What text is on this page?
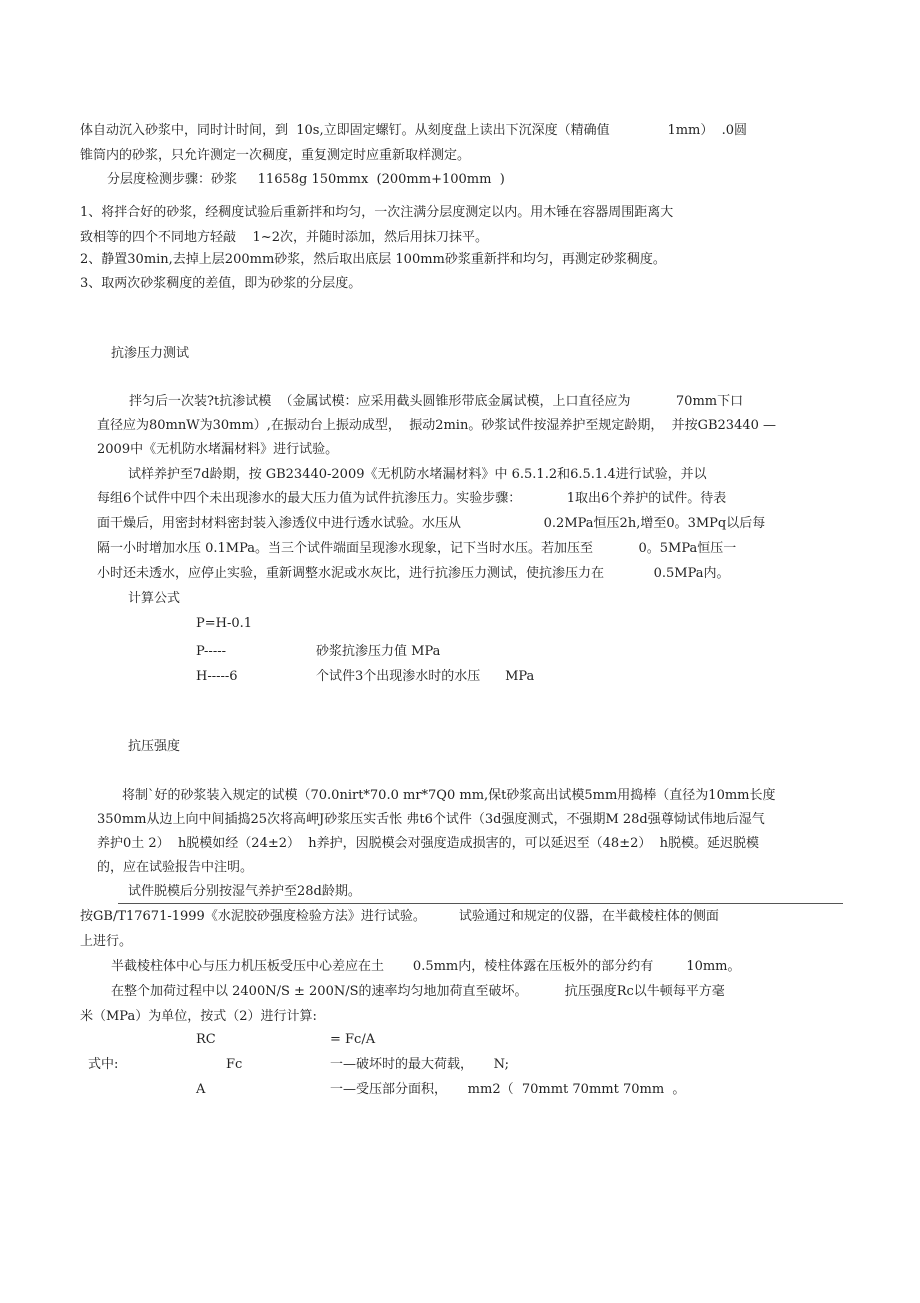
体自动沉入砂浆中，同时计时间，到  10s,立即固定螺钉。从刻度盘上读出下沉深度（精确值              1mm）  .0圆
锥筒内的砂浆，只允许测定一次稠度，重复测定时应重新取样测定。
分层度检测步骤：砂浆     11658g 150mmx  (200mm+100mm  )
1、将拌合好的砂浆，经稠度试验后重新拌和均匀，一次注满分层度测定以内。用木锤在容器周围距离大
致相等的四个不同地方轻敲    1~2次，并随时添加，然后用抹刀抹平。
2、静置30min,去掉上层200mm砂浆，然后取出底层 100mm砂浆重新拌和均匀，再测定砂浆稠度。
3、取两次砂浆稠度的差值，即为砂浆的分层度。
抗渗压力测试
拌匀后一次装?t抗渗试模  （金属试模：应采用截头圆锥形带底金属试模，上口直径应为           70mm下口
直径应为80mnW为30mm）,在振动台上振动成型，  振动2min。砂浆试件按湿养护至规定龄期，  并按GB23440 —
2009中《无机防水堵漏材料》进行试验。
试样养护至7d龄期，按 GB23440-2009《无机防水堵漏材料》中 6.5.1.2和6.5.1.4进行试验，并以
每组6个试件中四个未出现渗水的最大压力值为试件抗渗压力。实验步骤：           1取出6个养护的试件。待表
面干燥后，用密封材料密封装入渗透仪中进行透水试验。水压从                    0.2MPa恒压2h,增至0。3MPq以后每
隔一小时增加水压 0.1MPa。当三个试件端面呈现渗水现象，记下当时水压。若加压至           0。5MPa恒压一
小时还未透水，应停止实验，重新调整水泥或水灰比，进行抗渗压力测试，使抗渗压力在            0.5MPa内。
计算公式
P=H-0.1
P-----	砂浆抗渗压力值 MPa
H-----6	个试件3个出现渗水时的水压      MPa
抗压强度
将制`好的砂浆装入规定的试模（70.0nirt*70.0 mr*7Q0 mm,保t砂浆高出试模5mm用捣棒（直径为10mm长度
350mm从边上向中间插捣25次将高岬J砂浆压实舌怅 弗t6个试件（3d强度测式，不强期M 28d强尊恸试伟地后湿气
养护0土 2）  h脱模如经（24±2）  h养护，因脱模会对强度造成损害的，可以延迟至（48±2）  h脱模。延迟脱模
的，应在试验报告中注明。
试件脱模后分别按湿气养护至28d龄期。
按GB/T17671-1999《水泥胶砂强度检验方法》进行试验。        试验通过和规定的仪器，在半截棱柱体的侧面
上进行。
半截棱柱体中心与压力机压板受压中心差应在土       0.5mm内，棱柱体露在压板外的部分约有        10mm。
在整个加荷过程中以 2400N/S ± 200N/S的速率均匀地加荷直至破坏。         抗压强度Rc以牛顿每平方毫
米（MPa）为单位，按式（2）进行计算:
RC	= Fc/A
式中:	Fc	一—破坏时的最大荷载，     N;
A	一—受压部分面积，     mm2（  70mmt 70mmt 70mm  。
